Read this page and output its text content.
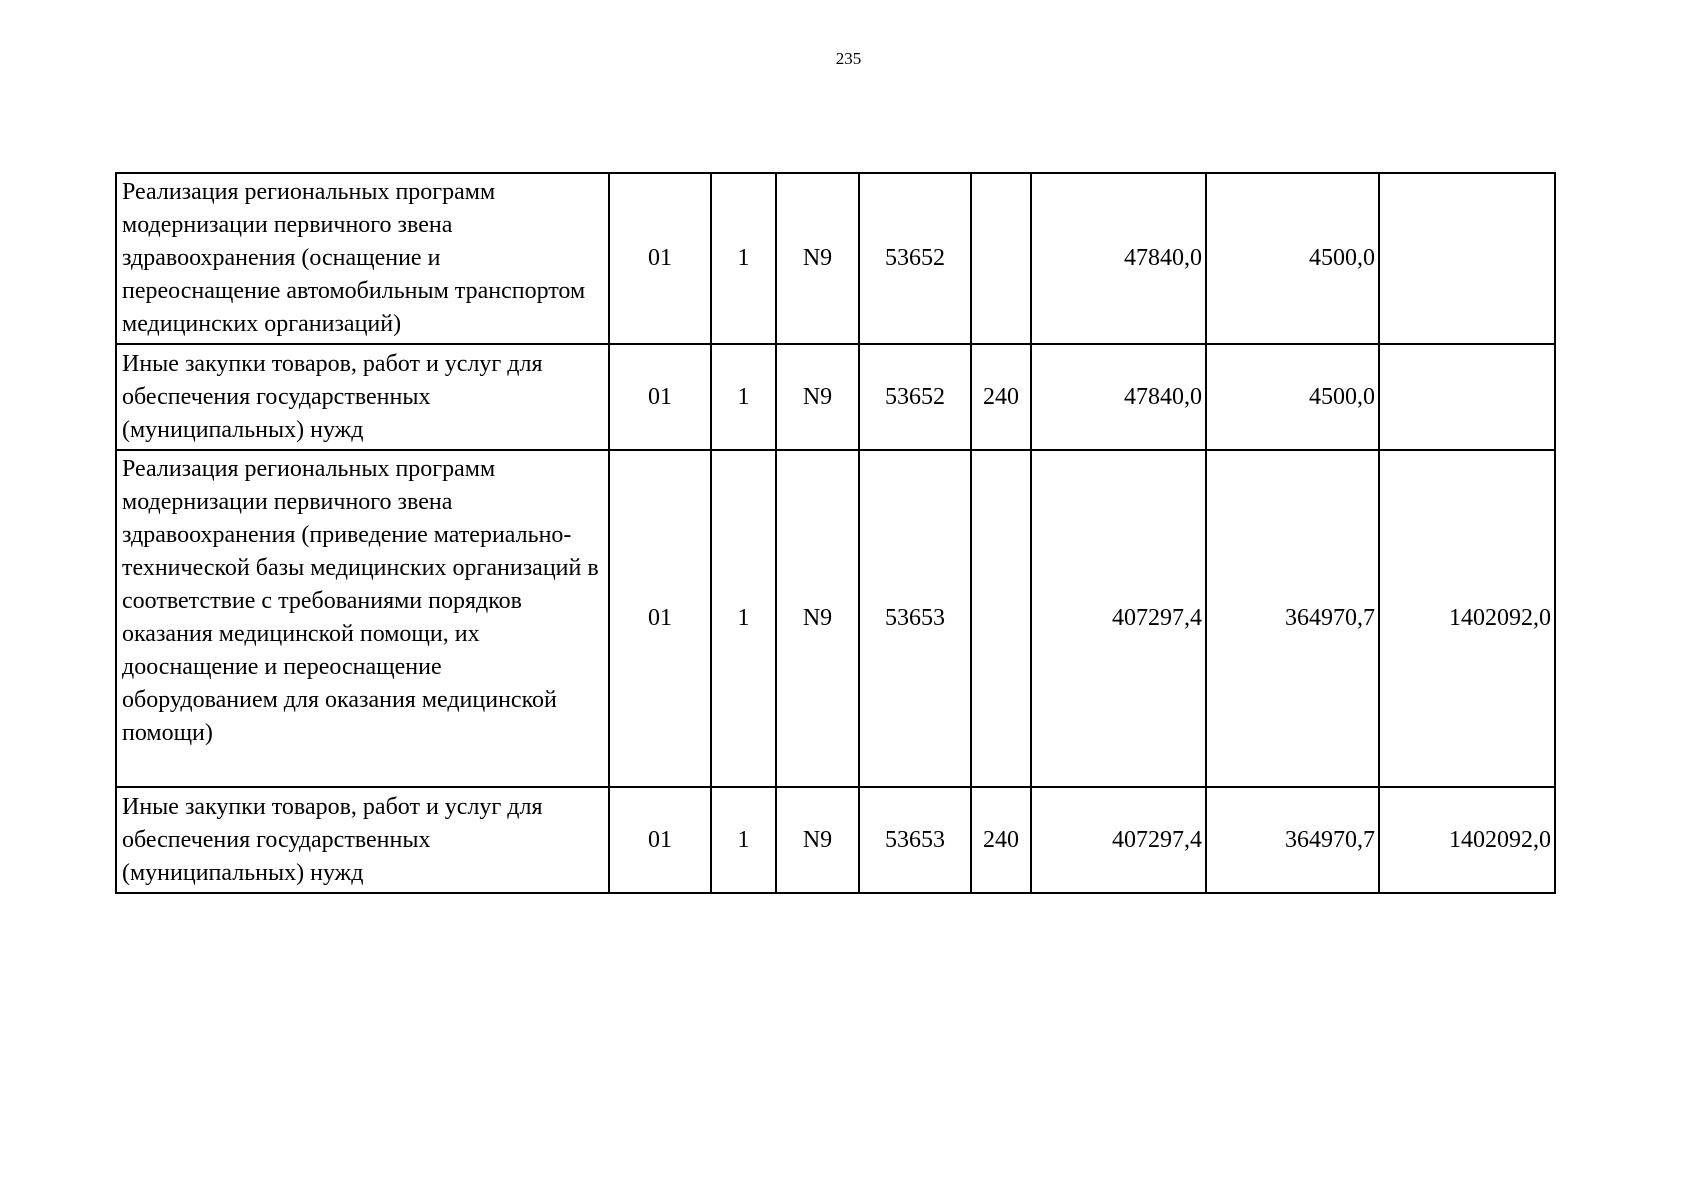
235
Реализация региональных программ модернизации первичного звена здравоохранения (оснащение и переоснащение автомобильным транспортом медицинских организаций)	01	1	N9	53652		47840,0	4500,0	
Иные закупки товаров, работ и услуг для обеспечения государственных (муниципальных) нужд	01	1	N9	53652	240	47840,0	4500,0	
Реализация региональных программ модернизации первичного звена здравоохранения (приведение материально-технической базы медицинских организаций в соответствие с требованиями порядков оказания медицинской помощи, их дооснащение и переоснащение оборудованием для оказания медицинской помощи)	01	1	N9	53653		407297,4	364970,7	1402092,0
Иные закупки товаров, работ и услуг для обеспечения государственных (муниципальных) нужд	01	1	N9	53653	240	407297,4	364970,7	1402092,0
